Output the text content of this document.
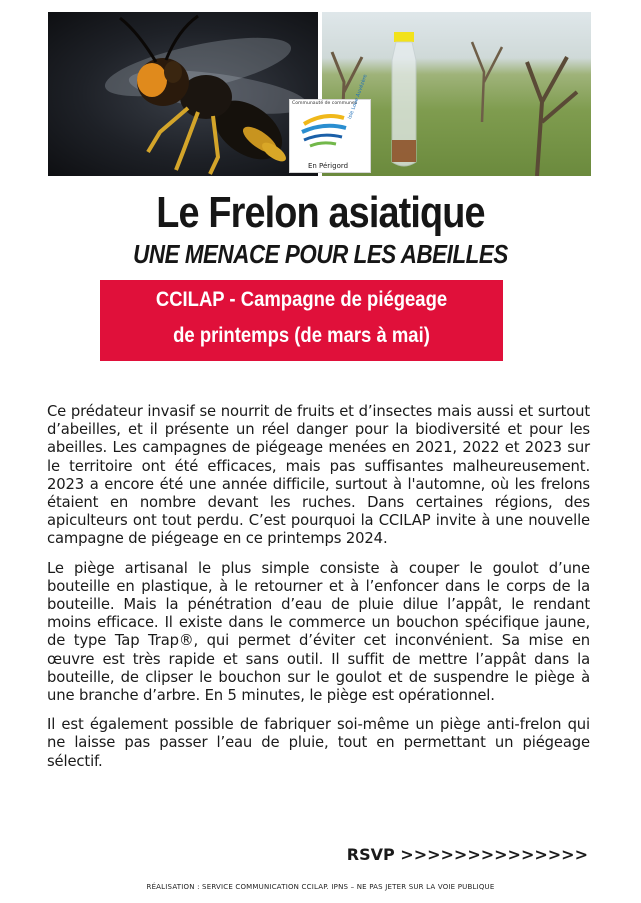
Communauté de communes
Isle Loue Auvézère
En Périgord
Le Frelon asiatique
UNE MENACE POUR LES ABEILLES
CCILAP - Campagne de piégeage
de printemps (de mars à mai)

Ce prédateur invasif se nourrit de fruits et d’insectes mais aussi et surtout d’abeilles, et il présente un réel danger pour la biodiversité et pour les abeilles. Les campagnes de piégeage menées en 2021, 2022 et 2023 sur le territoire ont été efficaces, mais pas suffisantes malheureusement. 2023 a encore été une année difficile, surtout à l'automne, où les frelons étaient en nombre devant les ruches. Dans certaines régions, des apiculteurs ont tout perdu. C’est pourquoi la CCILAP invite à une nouvelle campagne de piégeage en ce printemps 2024.

Le piège artisanal le plus simple consiste à couper le goulot d’une bouteille en plastique, à le retourner et à l’enfoncer dans le corps de la bouteille. Mais la pénétration d’eau de pluie dilue l’appât, le rendant moins efficace. Il existe dans le commerce un bouchon spécifique jaune, de type Tap Trap®, qui permet d’éviter cet inconvénient. Sa mise en œuvre est très rapide et sans outil. Il suffit de mettre l’appât dans la bouteille, de clipser le bouchon sur le goulot et de suspendre le piège à une branche d’arbre. En 5 minutes, le piège est opérationnel.

Il est également possible de fabriquer soi-même un piège anti-frelon qui ne laisse pas passer l’eau de pluie, tout en permettant un piégeage sélectif.

RSVP >>>>>>>>>>>>>>
RÉALISATION : SERVICE COMMUNICATION CCILAP. IPNS – NE PAS JETER SUR LA VOIE PUBLIQUE
